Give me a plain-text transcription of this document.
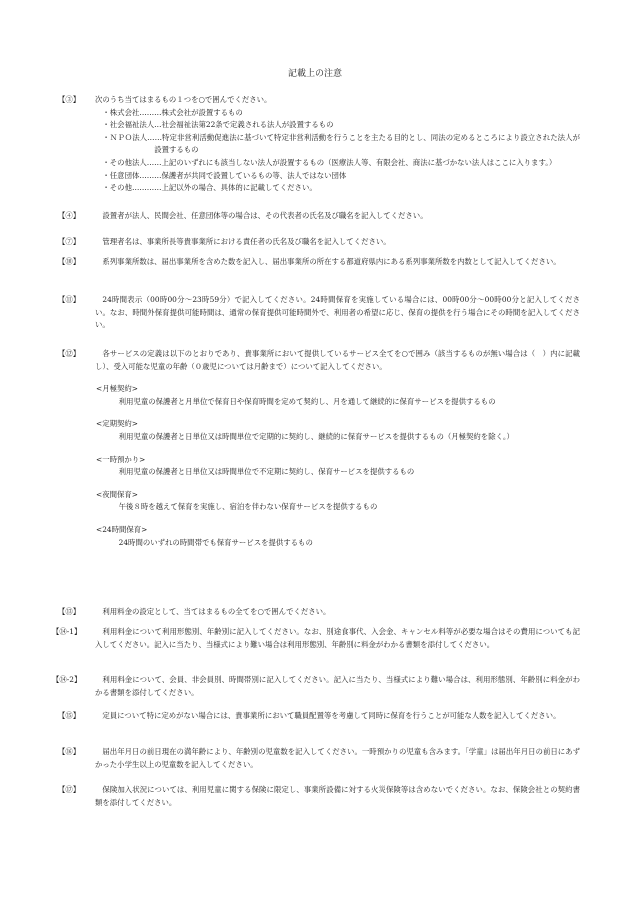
記載上の注意
【③】	次のうち当てはまるもの１つを○で囲んでください。
・株式会社………株式会社が設置するもの
・社会福祉法人…社会福祉法第22条で定義される法人が設置するもの
・ＮＰＯ法人……特定非営利活動促進法に基づいて特定非営利活動を行うことを主たる目的とし、同法の定めるところにより設立された法人が設置するもの
・その他法人……上記のいずれにも該当しない法人が設置するもの（医療法人等、有限会社、商法に基づかない法人はここに入ります。）
・任意団体………保護者が共同で設置しているもの等、法人ではない団体
・その他…………上記以外の場合、具体的に記載してください。
【④】	設置者が法人、民間会社、任意団体等の場合は、その代表者の氏名及び職名を記入してください。
【⑦】	管理者名は、事業所長等貴事業所における責任者の氏名及び職名を記入してください。
【⑩】	系列事業所数は、届出事業所を含めた数を記入し、届出事業所の所在する都道府県内にある系列事業所数を内数として記入してください。
【⑪】	24時間表示（00時00分～23時59分）で記入してください。24時間保育を実施している場合には、00時00分～00時00分と記入してください。なお、時間外保育提供可能時間は、通常の保育提供可能時間外で、利用者の希望に応じ、保育の提供を行う場合にその時間を記入してください。
【⑫】	各サービスの定義は以下のとおりであり、貴事業所において提供しているサービス全てを○で囲み（該当するものが無い場合は（　）内に記載し）、受入可能な児童の年齢（０歳児については月齢まで）について記入してください。
<月極契約>
利用児童の保護者と月単位で保育日や保育時間を定めて契約し、月を通して継続的に保育サービスを提供するもの
<定期契約>
利用児童の保護者と日単位又は時間単位で定期的に契約し、継続的に保育サービスを提供するもの（月極契約を除く。）
<一時預かり>
利用児童の保護者と日単位又は時間単位で不定期に契約し、保育サービスを提供するもの
<夜間保育>
午後８時を越えて保育を実施し、宿泊を伴わない保育サービスを提供するもの
<24時間保育>
24時間のいずれの時間帯でも保育サービスを提供するもの
【⑬】	利用料金の設定として、当てはまるもの全てを○で囲んでください。
【⑭-1】	利用料金について利用形態別、年齢別に記入してください。なお、別途食事代、入会金、キャンセル料等が必要な場合はその費用についても記入してください。記入に当たり、当様式により難い場合は利用形態別、年齢別に料金がわかる書類を添付してください。
【⑭-2】	利用料金について、会員、非会員別、時間帯別に記入してください。記入に当たり、当様式により難い場合は、利用形態別、年齢別に料金がわかる書類を添付してください。
【⑮】	定員について特に定めがない場合には、貴事業所において職員配置等を考慮して同時に保育を行うことが可能な人数を記入してください。
【⑯】	届出年月日の前日現在の満年齢により、年齢別の児童数を記入してください。一時預かりの児童も含みます。「学童」は届出年月日の前日にあずかった小学生以上の児童数を記入してください。
【⑰】	保険加入状況については、利用児童に関する保険に限定し、事業所設備に対する火災保険等は含めないでください。なお、保険会社との契約書類を添付してください。
